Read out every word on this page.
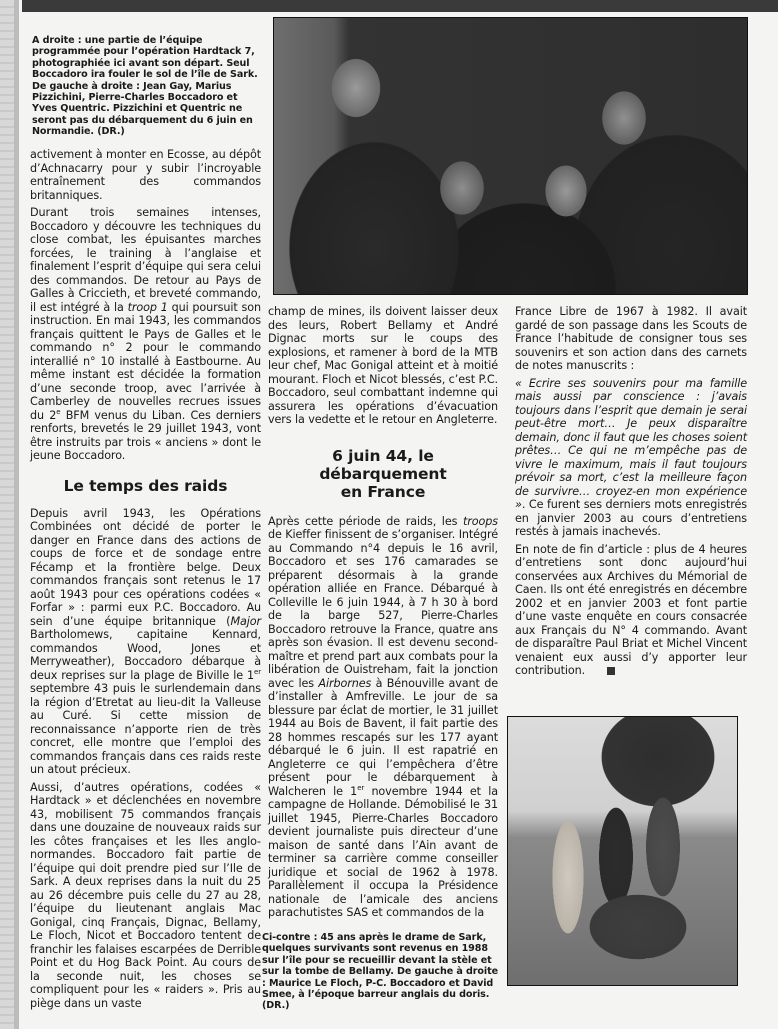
A droite : une partie de l’équipe programmée pour l’opération Hardtack 7, photographiée ici avant son départ. Seul Boccadoro ira fouler le sol de l’île de Sark. De gauche à droite : Jean Gay, Marius Pizzichini, Pierre-Charles Boccadoro et Yves Quentric. Pizzichini et Quentric ne seront pas du débarquement du 6 juin en Normandie. (DR.)

activement à monter en Ecosse, au dépôt d’Achnacarry pour y subir l’incroyable entraînement des commandos britanniques.

Durant trois semaines intenses, Boccadoro y découvre les techniques du close combat, les épuisantes marches forcées, le training à l’anglaise et finalement l’esprit d’équipe qui sera celui des commandos. De retour au Pays de Galles à Criccieth, et breveté commando, il est intégré à la troop 1 qui poursuit son instruction. En mai 1943, les commandos français quittent le Pays de Galles et le commando n° 2 pour le commando interallié n° 10 installé à Eastbourne. Au même instant est décidée la formation d’une seconde troop, avec l’arrivée à Camberley de nouvelles recrues issues du 2e BFM venus du Liban. Ces derniers renforts, brevetés le 29 juillet 1943, vont être instruits par trois « anciens » dont le jeune Boccadoro.

Le temps des raids

Depuis avril 1943, les Opérations Combinées ont décidé de porter le danger en France dans des actions de coups de force et de sondage entre Fécamp et la frontière belge. Deux commandos français sont retenus le 17 août 1943 pour ces opérations codées « Forfar » : parmi eux P.C. Boccadoro. Au sein d’une équipe britannique (Major Bartholomews, capitaine Kennard, commandos Wood, Jones et Merryweather), Boccadoro débarque à deux reprises sur la plage de Biville le 1er septembre 43 puis le surlendemain dans la région d’Etretat au lieu-dit la Valleuse au Curé. Si cette mission de reconnaissance n’apporte rien de très concret, elle montre que l’emploi des commandos français dans ces raids reste un atout précieux.

Aussi, d’autres opérations, codées « Hardtack » et déclenchées en novembre 43, mobilisent 75 commandos français dans une douzaine de nouveaux raids sur les côtes françaises et les Iles anglo-normandes. Boccadoro fait partie de l’équipe qui doit prendre pied sur l’Ile de Sark. A deux reprises dans la nuit du 25 au 26 décembre puis celle du 27 au 28, l’équipe du lieutenant anglais Mac Gonigal, cinq Français, Dignac, Bellamy, Le Floch, Nicot et Boccadoro tentent de franchir les falaises escarpées de Derrible Point et du Hog Back Point. Au cours de la seconde nuit, les choses se compliquent pour les « raiders ». Pris au piège dans un vaste

champ de mines, ils doivent laisser deux des leurs, Robert Bellamy et André Dignac morts sur le coups des explosions, et ramener à bord de la MTB leur chef, Mac Gonigal atteint et à moitié mourant. Floch et Nicot blessés, c’est P.C. Boccadoro, seul combattant indemne qui assurera les opérations d’évacuation vers la vedette et le retour en Angleterre.

6 juin 44, le débarquement
en France

Après cette période de raids, les troops de Kieffer finissent de s’organiser. Intégré au Commando n°4 depuis le 16 avril, Boccadoro et ses 176 camarades se préparent désormais à la grande opération alliée en France. Débarqué à Colleville le 6 juin 1944, à 7 h 30 à bord de la barge 527, Pierre-Charles Boccadoro retrouve la France, quatre ans après son évasion. Il est devenu second-maître et prend part aux combats pour la libération de Ouistreham, fait la jonction avec les Airbornes à Bénouville avant de d’installer à Amfreville. Le jour de sa blessure par éclat de mortier, le 31 juillet 1944 au Bois de Bavent, il fait partie des 28 hommes rescapés sur les 177 ayant débarqué le 6 juin. Il est rapatrié en Angleterre ce qui l’empêchera d’être présent pour le débarquement à Walcheren le 1er novembre 1944 et la campagne de Hollande. Démobilisé le 31 juillet 1945, Pierre-Charles Boccadoro devient journaliste puis directeur d’une maison de santé dans l’Ain avant de terminer sa carrière comme conseiller juridique et social de 1962 à 1978. Parallèlement il occupa la Présidence nationale de l’amicale des anciens parachutistes SAS et commandos de la

Ci-contre : 45 ans après le drame de Sark, quelques survivants sont revenus en 1988 sur l’île pour se recueillir devant la stèle et sur la tombe de Bellamy. De gauche à droite : Maurice Le Floch, P-C. Boccadoro et David Smee, à l’époque barreur anglais du doris. (DR.)

France Libre de 1967 à 1982. Il avait gardé de son passage dans les Scouts de France l’habitude de consigner tous ses souvenirs et son action dans des carnets de notes manuscrits :

« Ecrire ses souvenirs pour ma famille mais aussi par conscience : j’avais toujours dans l’esprit que demain je serai peut-être mort… Je peux disparaître demain, donc il faut que les choses soient prêtes… Ce qui ne m’empêche pas de vivre le maximum, mais il faut toujours prévoir sa mort, c’est la meilleure façon de survivre… croyez-en mon expérience ». Ce furent ses derniers mots enregistrés en janvier 2003 au cours d’entretiens restés à jamais inachevés.

En note de fin d’article : plus de 4 heures d’entretiens sont donc aujourd’hui conservées aux Archives du Mémorial de Caen. Ils ont été enregistrés en décembre 2002 et en janvier 2003 et font partie d’une vaste enquête en cours consacrée aux Français du N° 4 commando. Avant de disparaître Paul Briat et Michel Vincent venaient eux aussi d’y apporter leur contribution.
